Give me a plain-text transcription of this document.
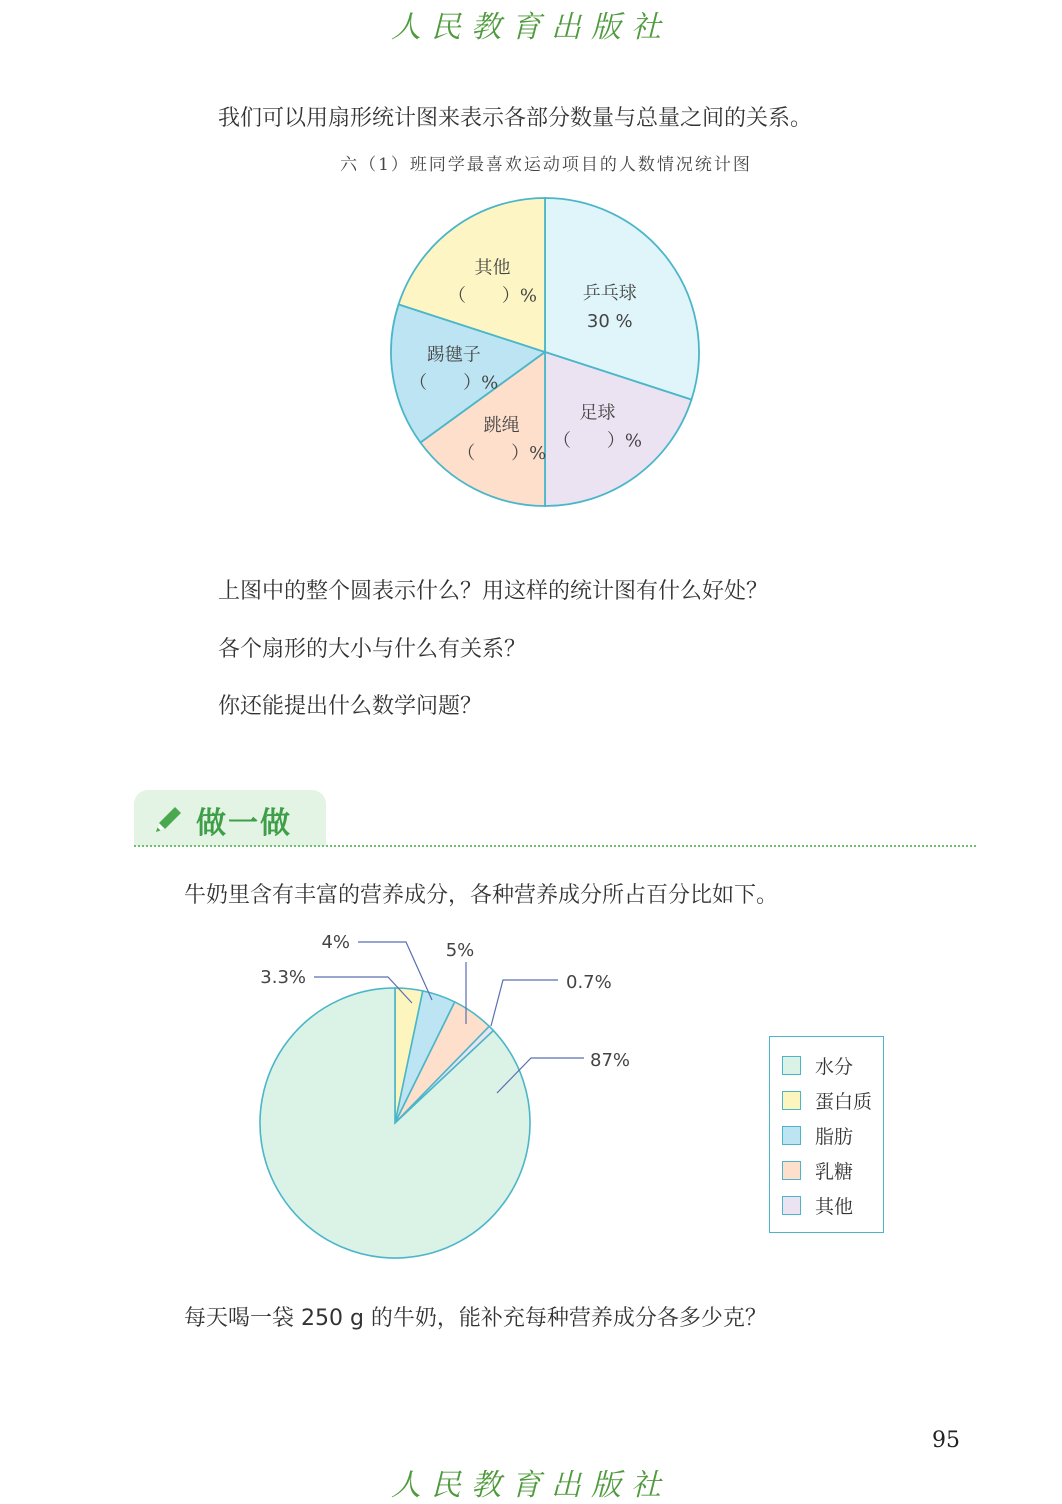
人民教育出版社
我们可以用扇形统计图来表示各部分数量与总量之间的关系。
六（1）班同学最喜欢运动项目的人数情况统计图
乒乓球
30 %
足球
（　　）%
跳绳
（　　）%
踢毽子
（　　）%
其他
（　　）%
上图中的整个圆表示什么？用这样的统计图有什么好处？
各个扇形的大小与什么有关系？
你还能提出什么数学问题？
做一做
牛奶里含有丰富的营养成分，各种营养成分所占百分比如下。
3.3%
4%	5%
0.7%
87%	水分
蛋白质
脂肪
乳糖
其他
每天喝一袋 250 g 的牛奶，能补充每种营养成分各多少克？
95
人民教育出版社
